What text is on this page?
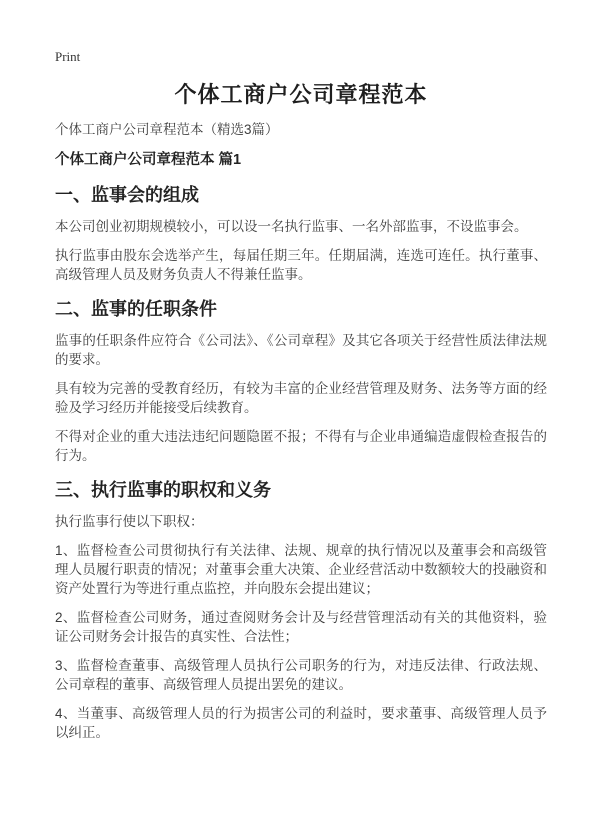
Print
个体工商户公司章程范本

个体工商户公司章程范本（精选3篇）

个体工商户公司章程范本 篇1
一、监事会的组成

本公司创业初期规模较小，可以设一名执行监事、一名外部监事，不设监事会。

执行监事由股东会选举产生，每届任期三年。任期届满，连选可连任。执行董事、高级管理人员及财务负责人不得兼任监事。

二、监事的任职条件

监事的任职条件应符合《公司法》、《公司章程》及其它各项关于经营性质法律法规的要求。

具有较为完善的受教育经历，有较为丰富的企业经营管理及财务、法务等方面的经验及学习经历并能接受后续教育。

不得对企业的重大违法违纪问题隐匿不报；不得有与企业串通编造虚假检查报告的行为。

三、执行监事的职权和义务

执行监事行使以下职权：

1、监督检查公司贯彻执行有关法律、法规、规章的执行情况以及董事会和高级管理人员履行职责的情况；对董事会重大决策、企业经营活动中数额较大的投融资和资产处置行为等进行重点监控，并向股东会提出建议；

2、监督检查公司财务，通过查阅财务会计及与经营管理活动有关的其他资料，验证公司财务会计报告的真实性、合法性；

3、监督检查董事、高级管理人员执行公司职务的行为，对违反法律、行政法规、公司章程的董事、高级管理人员提出罢免的建议。

4、当董事、高级管理人员的行为损害公司的利益时，要求董事、高级管理人员予以纠正。
